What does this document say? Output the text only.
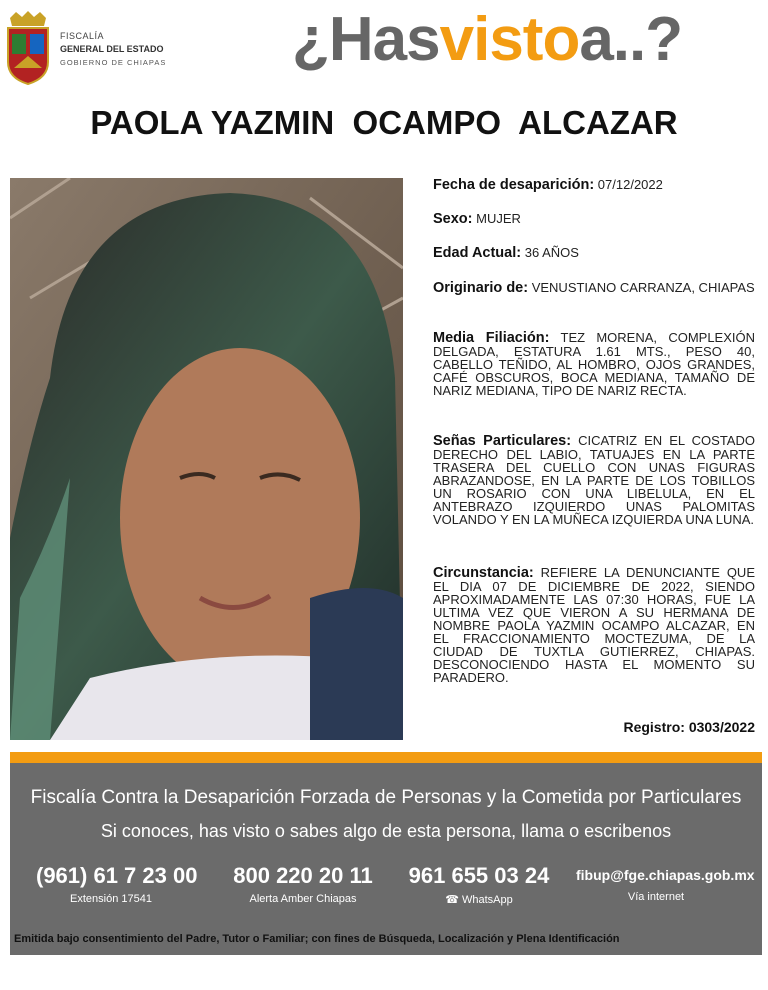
FISCALÍA
GENERAL DEL ESTADO
GOBIERNO DE CHIAPAS ¿Hasvistoa..?
PAOLA YAZMIN  OCAMPO  ALCAZAR
Fecha de desaparición: 07/12/2022
Sexo: MUJER
Edad Actual: 36 AÑOS
Originario de: VENUSTIANO CARRANZA, CHIAPAS
Media Filiación: TEZ MORENA, COMPLEXIÓN DELGADA, ESTATURA 1.61 MTS., PESO 40, CABELLO TEÑIDO, AL HOMBRO, OJOS GRANDES, CAFÉ OBSCUROS, BOCA MEDIANA, TAMAÑO DE NARIZ MEDIANA, TIPO DE NARIZ RECTA.
Señas Particulares: CICATRIZ EN EL COSTADO DERECHO DEL LABIO, TATUAJES EN LA PARTE TRASERA DEL CUELLO CON UNAS FIGURAS ABRAZANDOSE, EN LA PARTE DE LOS TOBILLOS UN ROSARIO CON UNA LIBELULA, EN EL ANTEBRAZO IZQUIERDO UNAS PALOMITAS VOLANDO Y EN LA MUÑECA IZQUIERDA UNA LUNA.
Circunstancia: REFIERE LA DENUNCIANTE QUE EL DIA 07 DE DICIEMBRE DE 2022, SIENDO APROXIMADAMENTE LAS 07:30 HORAS, FUE LA ULTIMA VEZ QUE VIERON A SU HERMANA DE NOMBRE PAOLA YAZMIN OCAMPO ALCAZAR, EN EL FRACCIONAMIENTO MOCTEZUMA, DE LA CIUDAD DE TUXTLA GUTIERREZ, CHIAPAS. DESCONOCIENDO HASTA EL MOMENTO SU PARADERO.
Registro: 0303/2022
Fiscalía Contra la Desaparición Forzada de Personas y la Cometida por Particulares
Si conoces, has visto o sabes algo de esta persona, llama o escribenos
(961) 61 7 23 00
Extensión 17541
800 220 20 11
Alerta Amber Chiapas
961 655 03 24
☎ WhatsApp
fibup@fge.chiapas.gob.mx
Vía internet
Emitida bajo consentimiento del Padre, Tutor o Familiar; con fines de Búsqueda, Localización y Plena Identificación
